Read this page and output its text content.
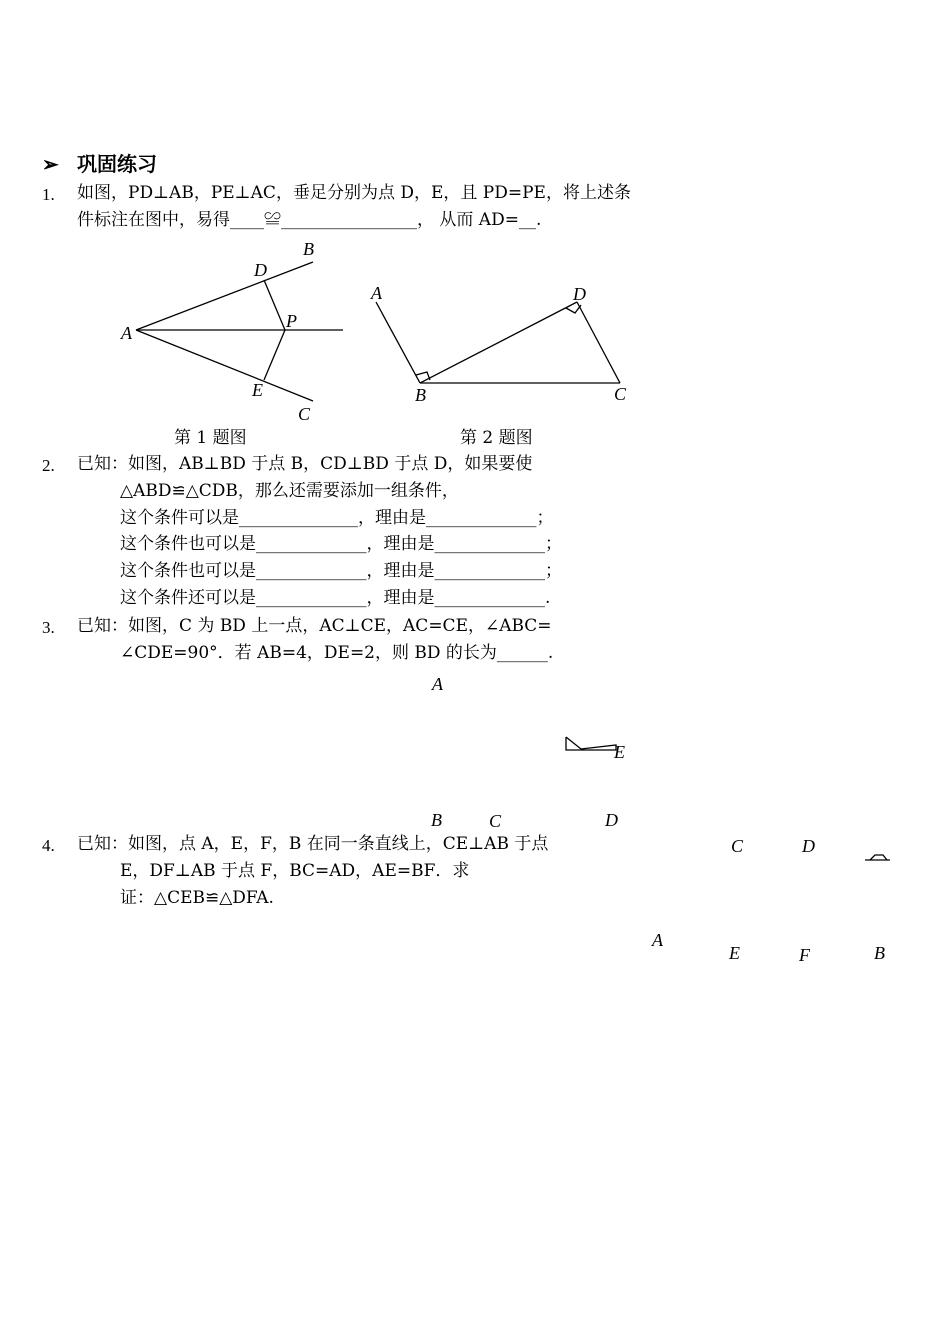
➢ 巩固练习
1. 如图，PD⊥AB，PE⊥AC，垂足分别为点 D，E，且 PD=PE，将上述条
件标注在图中，易得____≌________________， 从而 AD=__.
B
D
A
P
E
C
第 1 题图
A	D
B	C
第 2 题图
2. 已知：如图，AB⊥BD 于点 B，CD⊥BD 于点 D，如果要使
△ABD≌△CDB，那么还需要添加一组条件，
这个条件可以是______________，理由是_____________；
这个条件也可以是_____________，理由是_____________；
这个条件也可以是_____________，理由是_____________；
这个条件还可以是_____________，理由是_____________.
3. 已知：如图，C 为 BD 上一点，AC⊥CE，AC=CE，∠ABC=
∠CDE=90°．若 AB=4，DE=2，则 BD 的长为______.
A
E
B	C	D
4. 已知：如图，点 A，E，F，B 在同一条直线上，CE⊥AB 于点
E，DF⊥AB 于点 F，BC=AD，AE=BF．求
证：△CEB≌△DFA.
C	D
A
E	F	B
